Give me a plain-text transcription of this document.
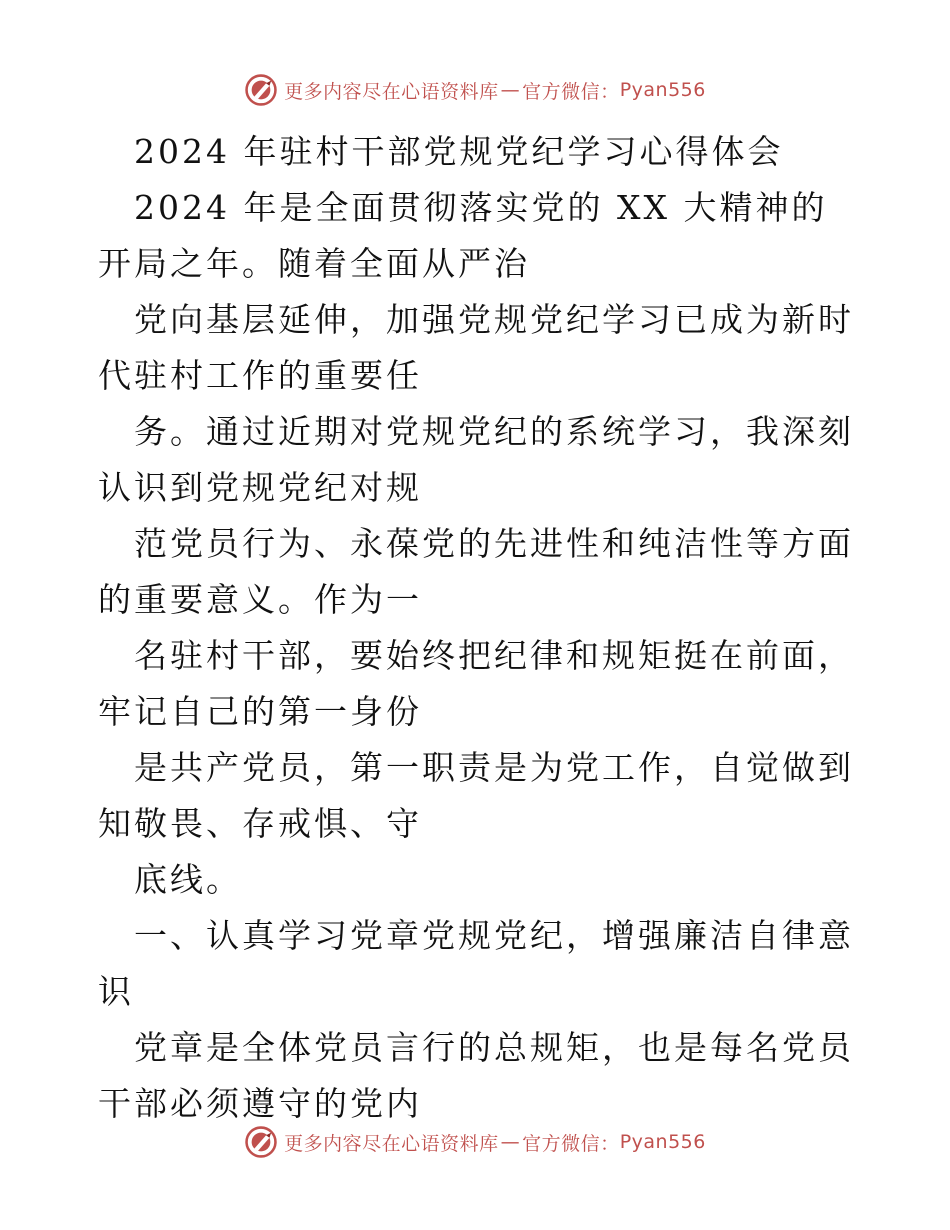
更多内容尽在心语资料库 — 官方微信： Pyan556

2024 年驻村干部党规党纪学习心得体会

2024 年是全面贯彻落实党的 XX 大精神的开局之年。随着全面从严治

党向基层延伸，加强党规党纪学习已成为新时代驻村工作的重要任

务。通过近期对党规党纪的系统学习，我深刻认识到党规党纪对规

范党员行为、永葆党的先进性和纯洁性等方面的重要意义。作为一

名驻村干部，要始终把纪律和规矩挺在前面，牢记自己的第一身份

是共产党员，第一职责是为党工作，自觉做到知敬畏、存戒惧、守

底线。

一、认真学习党章党规党纪，增强廉洁自律意识

党章是全体党员言行的总规矩，也是每名党员干部必须遵守的党内

更多内容尽在心语资料库 — 官方微信： Pyan556
